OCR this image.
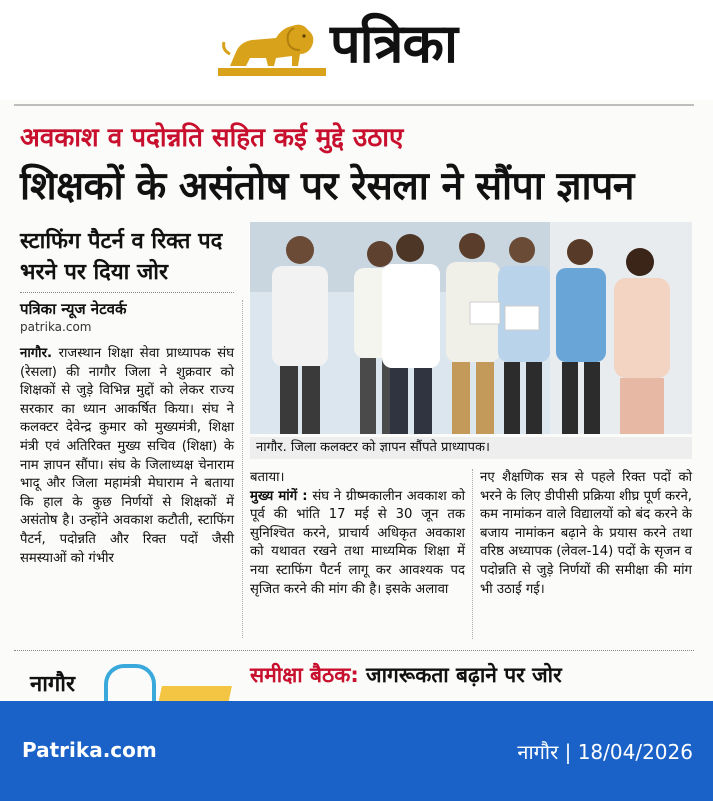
पत्रिका
अवकाश व पदोन्नति सहित कई मुद्दे उठाए
शिक्षकों के असंतोष पर रेसला ने सौंपा ज्ञापन
स्टाफिंग पैटर्न व रिक्त पद भरने पर दिया जोर
पत्रिका न्यूज नेटवर्क
patrika.com
नागौर. जिला कलक्टर को ज्ञापन सौंपते प्राध्यापक।

नागौर. राजस्थान शिक्षा सेवा प्राध्यापक संघ (रेसला) की नागौर जिला ने शुक्रवार को शिक्षकों से जुड़े विभिन्न मुद्दों को लेकर राज्य सरकार का ध्यान आकर्षित किया। संघ ने कलक्टर देवेन्द्र कुमार को मुख्यमंत्री, शिक्षा मंत्री एवं अतिरिक्त मुख्य सचिव (शिक्षा) के नाम ज्ञापन सौंपा। संघ के जिलाध्यक्ष चेनाराम भादू और जिला महामंत्री मेघाराम ने बताया कि हाल के कुछ निर्णयों से शिक्षकों में असंतोष है। उन्होंने अवकाश कटौती, स्टाफिंग पैटर्न, पदोन्नति और रिक्त पदों जैसी समस्याओं को गंभीर

बताया।

मुख्य मांगें : संघ ने ग्रीष्मकालीन अवकाश को पूर्व की भांति 17 मई से 30 जून तक सुनिश्चित करने, प्राचार्य अधिकृत अवकाश को यथावत रखने तथा माध्यमिक शिक्षा में नया स्टाफिंग पैटर्न लागू कर आवश्यक पद सृजित करने की मांग की है। इसके अलावा

नए शैक्षणिक सत्र से पहले रिक्त पदों को भरने के लिए डीपीसी प्रक्रिया शीघ्र पूर्ण करने, कम नामांकन वाले विद्यालयों को बंद करने के बजाय नामांकन बढ़ाने के प्रयास करने तथा वरिष्ठ अध्यापक (लेवल-14) पदों के सृजन व पदोन्नति से जुड़े निर्णयों की समीक्षा की मांग भी उठाई गई।

नागौर	समीक्षा बैठक: जागरूकता बढ़ाने पर जोर
Patrika.com	नागौर | 18/04/2026
